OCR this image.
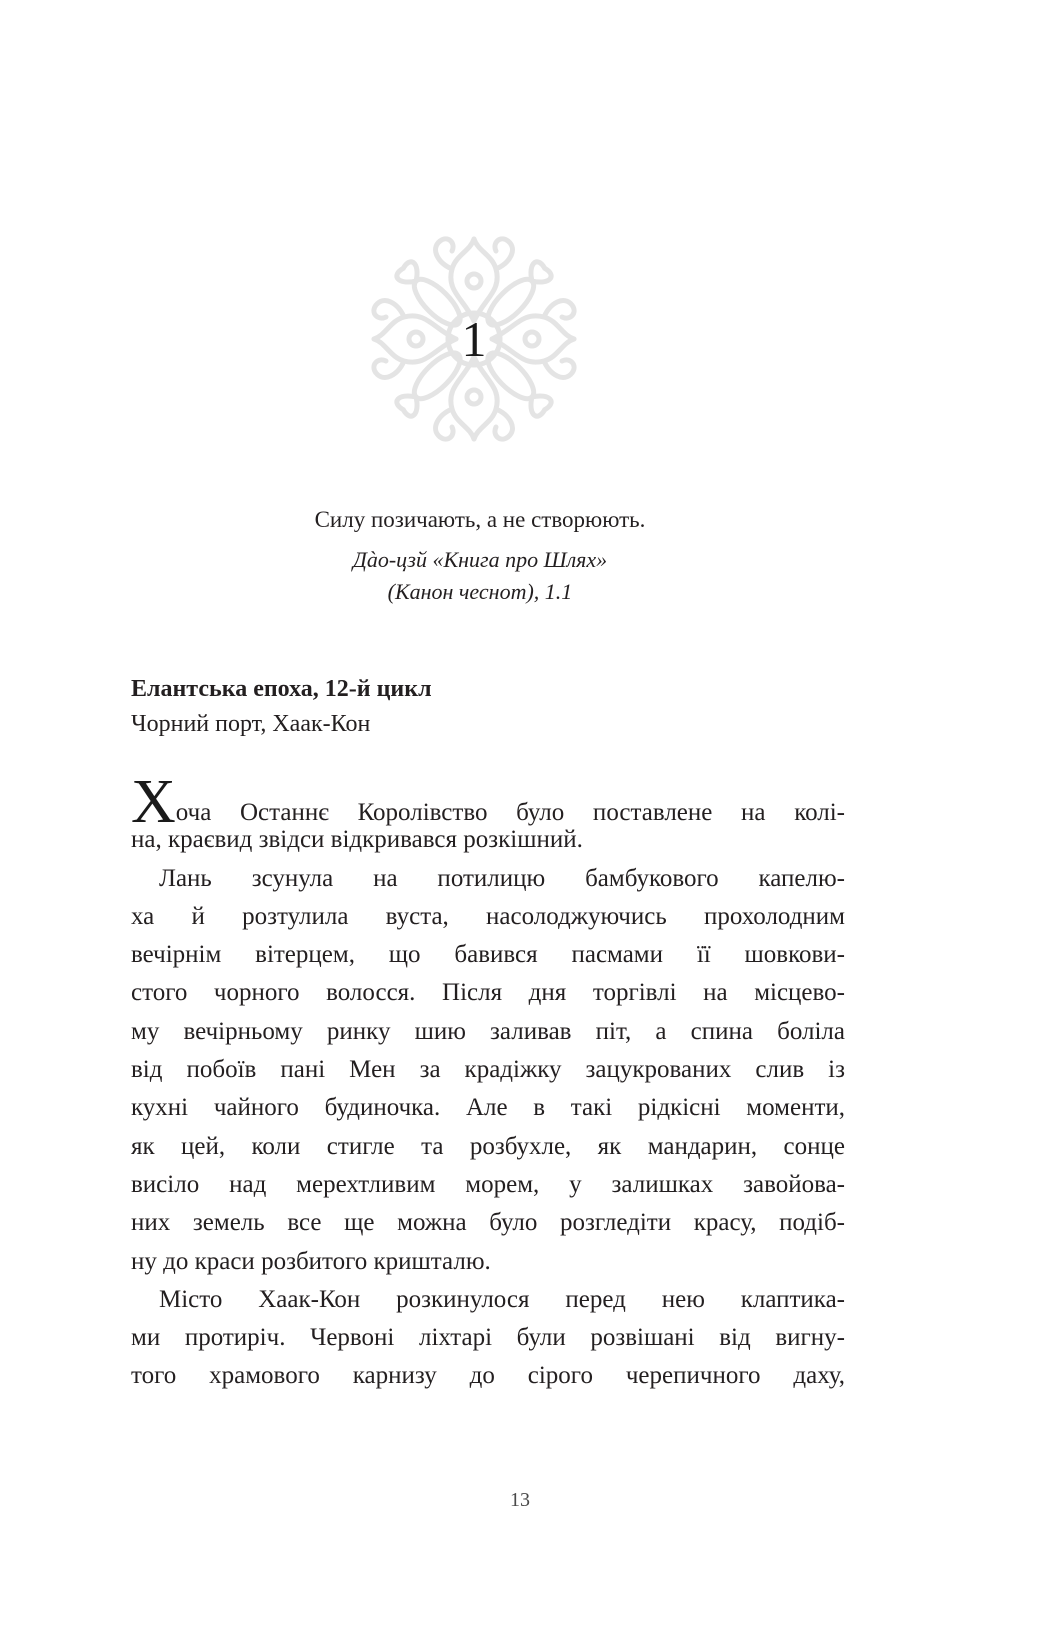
1
Силу позичають, а не створюють.
Дàо-цзй «Книга про Шлях»
(Канон чеснот), 1.1
Елантська епоха, 12-й цикл
Чорний порт, Хаак-Кон
Хоча Останнє Королівство було поставлене на колі-
на, краєвид звідси відкривався розкішний.
Лань зсунула на потилицю бамбукового капелю-
ха й розтулила вуста, насолоджуючись прохолодним
вечірнім вітерцем, що бавився пасмами її шовкови-
стого чорного волосся. Після дня торгівлі на місцево-
му вечірньому ринку шию заливав піт, а спина боліла
від побоїв пані Мен за крадіжку зацукрованих слив із
кухні чайного будиночка. Але в такі рідкісні моменти,
як цей, коли стигле та розбухле, як мандарин, сонце
висіло над мерехтливим морем, у залишках завойова-
них земель все ще можна було розгледіти красу, подіб-
ну до краси розбитого кришталю.
Місто Хаак-Кон розкинулося перед нею клаптика-
ми протиріч. Червоні ліхтарі були розвішані від вигну-
того храмового карнизу до сірого черепичного даху,
13
